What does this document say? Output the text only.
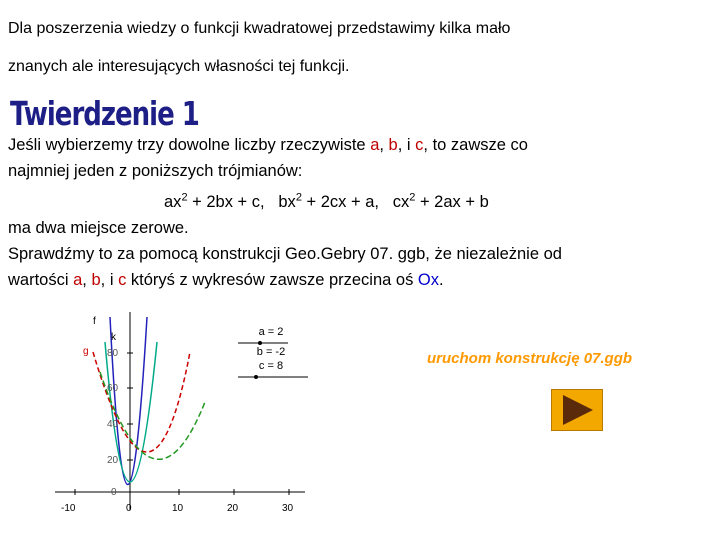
Dla poszerzenia wiedzy o funkcji kwadratowej przedstawimy kilka mało
znanych ale interesujących własności tej funkcji.
Twierdzenie 1
Jeśli wybierzemy trzy dowolne liczby rzeczywiste a, b, i c, to zawsze co
najmniej jeden z poniższych trójmianów:
$ax^2 + 2bx + c$, $bx^2 + 2cx + a$, $cx^2 + 2ax + b$
ma dwa miejsce zerowe.
Sprawdźmy to za pomocą konstrukcji Geo.Gebry 07. ggb, że niezależnie od
wartości a, b, i c któryś z wykresów zawsze przecina oś Ox.
f
k
g 80
60
40
20
0
-10	0	10	20	30
a = 2
b = -2
c = 8	uruchom konstrukcję 07.ggb
